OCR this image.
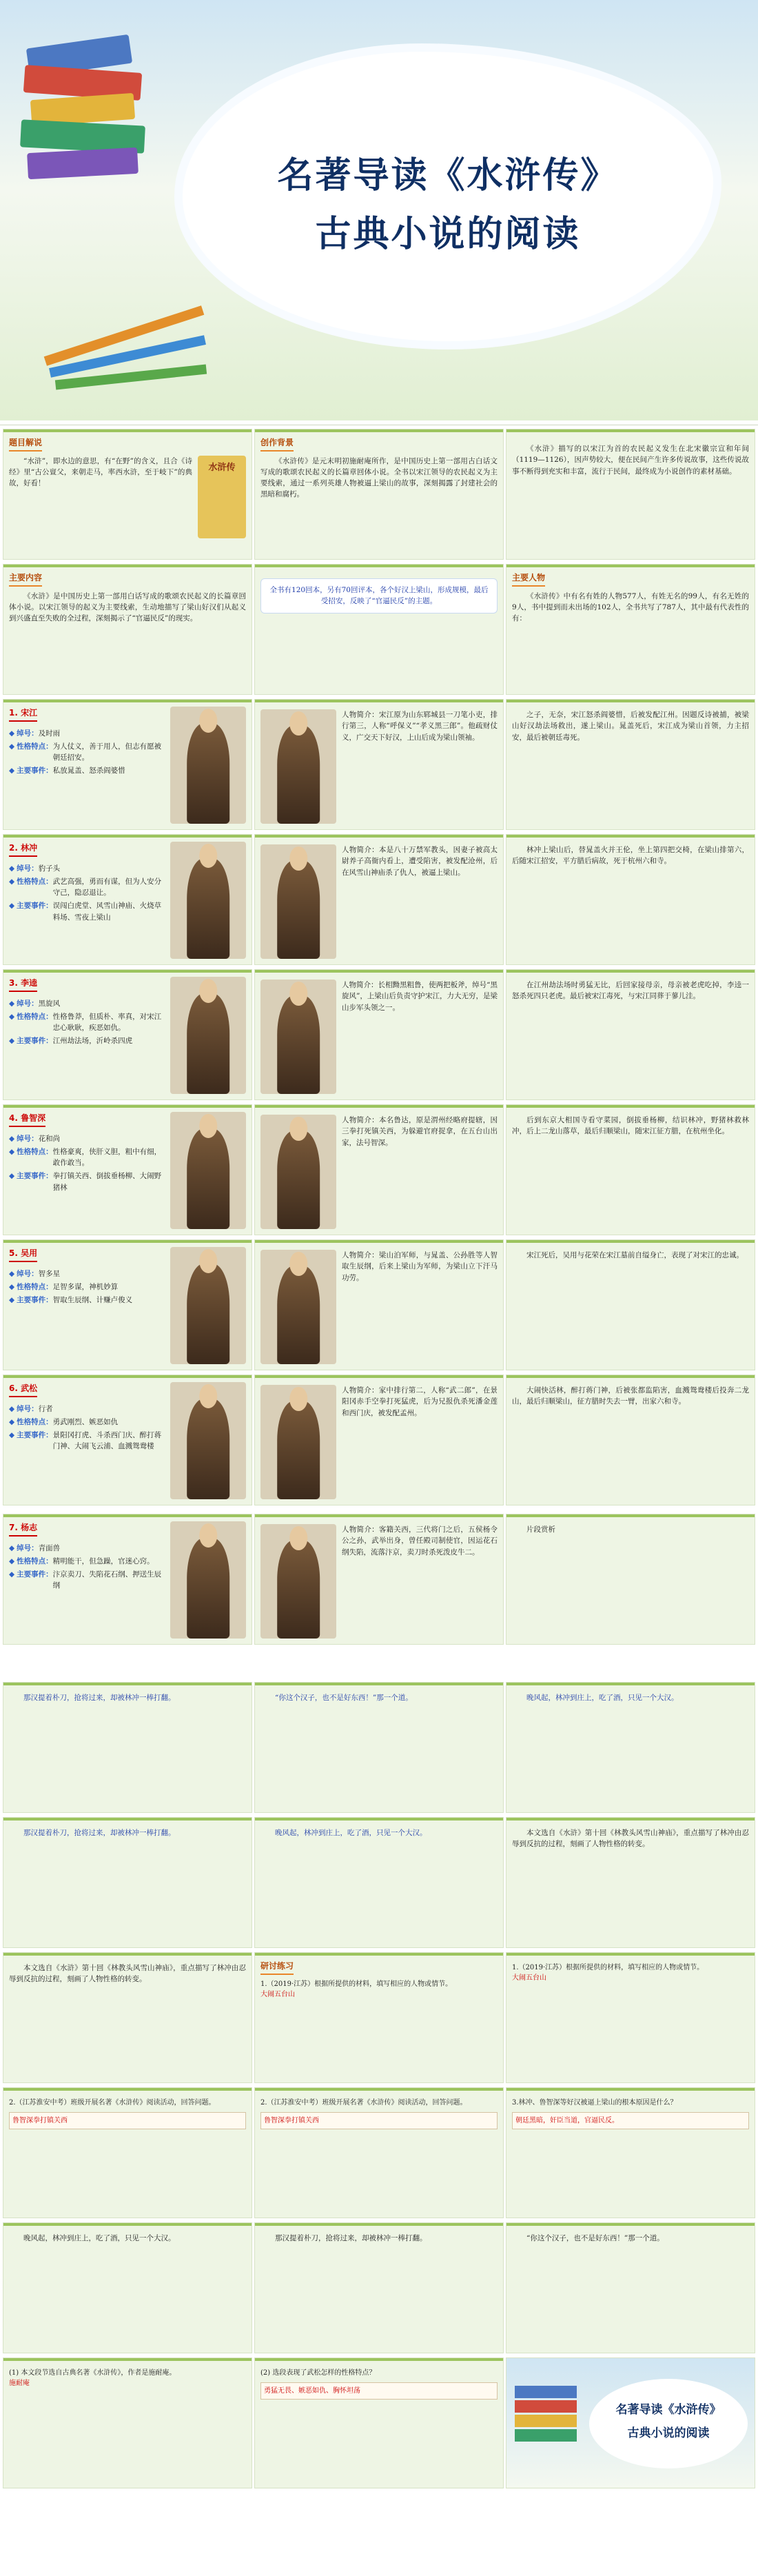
名著导读《水浒传》
古典小说的阅读
题目解说
“水浒”，即水边的意思，有“在野”的含义，且合《诗经》里“古公亶父，来朝走马，率西水浒，至于岐下”的典故，好看！
水浒传
创作背景
《水浒传》是元末明初施耐庵所作，是中国历史上第一部用古白话文写成的歌颂农民起义的长篇章回体小说。全书以宋江领导的农民起义为主要线索，通过一系列英雄人物被逼上梁山的故事，深刻揭露了封建社会的黑暗和腐朽。
《水浒》描写的以宋江为首的农民起义发生在北宋徽宗宣和年间（1119—1126），因声势较大，便在民间产生许多传说故事，这些传说故事不断得到充实和丰富，流行于民间，最终成为小说创作的素材基础。
主要内容
《水浒》是中国历史上第一部用白话写成的歌颂农民起义的长篇章回体小说。以宋江领导的起义为主要线索，生动地描写了梁山好汉们从起义到兴盛直至失败的全过程，深刻揭示了“官逼民反”的现实。
全书有120回本，另有70回评本，各个好汉上梁山，形成规模，最后受招安，反映了“官逼民反”的主题。
主要人物
《水浒传》中有名有姓的人物577人，有姓无名的99人，有名无姓的9人，书中提到而未出场的102人，全书共写了787人，其中最有代表性的有：
1. 宋江
◆ 绰号： 及时雨
◆ 性格特点： 为人仗义，善于用人，但志有愿被朝廷招安。
◆ 主要事件： 私放晁盖、怒杀阎婆惜
人物简介：宋江原为山东郓城县一刀笔小吏，排行第三，人称“呼保义”“孝义黑三郎”。他疏财仗义，广交天下好汉，上山后成为梁山领袖。
之子，无奈，宋江怒杀阎婆惜，后被发配江州。因题反诗被捕，被梁山好汉劫法场救出，遂上梁山。晁盖死后，宋江成为梁山首领，力主招安，最后被朝廷毒死。
2. 林冲
◆ 绰号： 豹子头
◆ 性格特点： 武艺高强，勇而有谋，但为人安分守己，隐忍退让。
◆ 主要事件： 误闯白虎堂、风雪山神庙、火烧草料场、雪夜上梁山
人物简介：本是八十万禁军教头，因妻子被高太尉养子高衙内看上，遭受陷害，被发配沧州，后在风雪山神庙杀了仇人，被逼上梁山。
林冲上梁山后，替晁盖火并王伦，坐上第四把交椅，在梁山排第六，后随宋江招安，平方腊后病故，死于杭州六和寺。
3. 李逵
◆ 绰号： 黑旋风
◆ 性格特点： 性格鲁莽，但质朴、率真，对宋江忠心耿耿，疾恶如仇。
◆ 主要事件： 江州劫法场，沂岭杀四虎
人物简介：长相黝黑粗鲁，使两把板斧，绰号“黑旋风”，上梁山后负责守护宋江，力大无穷，是梁山步军头领之一。
在江州劫法场时勇猛无比，后回家接母亲，母亲被老虎吃掉，李逵一怒杀死四只老虎。最后被宋江毒死，与宋江同葬于蓼儿洼。
4. 鲁智深
◆ 绰号： 花和尚
◆ 性格特点： 性格豪爽，侠肝义胆，粗中有细，敢作敢当。
◆ 主要事件： 拳打镇关西、倒拔垂杨柳、大闹野猪林
人物简介：本名鲁达，原是渭州经略府提辖，因三拳打死镇关西，为躲避官府捉拿，在五台山出家，法号智深。
后到东京大相国寺看守菜园，倒拔垂杨柳，结识林冲，野猪林救林冲，后上二龙山落草，最后归顺梁山，随宋江征方腊，在杭州坐化。
5. 吴用
◆ 绰号： 智多星
◆ 性格特点： 足智多谋，神机妙算
◆ 主要事件： 智取生辰纲、计赚卢俊义
人物简介：梁山泊军师，与晁盖、公孙胜等人智取生辰纲，后来上梁山为军师，为梁山立下汗马功劳。
宋江死后，吴用与花荣在宋江墓前自缢身亡，表现了对宋江的忠诚。
6. 武松
◆ 绰号： 行者
◆ 性格特点： 勇武刚烈、嫉恶如仇
◆ 主要事件： 景阳冈打虎、斗杀西门庆、醉打蒋门神、大闹飞云浦、血溅鸳鸯楼
人物简介：家中排行第二，人称“武二郎”，在景阳冈赤手空拳打死猛虎，后为兄报仇杀死潘金莲和西门庆，被发配孟州。
大闹快活林，醉打蒋门神，后被张都监陷害，血溅鸳鸯楼后投奔二龙山，最后归顺梁山，征方腊时失去一臂，出家六和寺。
7. 杨志
◆ 绰号： 青面兽
◆ 性格特点： 精明能干，但急躁，官迷心窍。
◆ 主要事件： 汴京卖刀、失陷花石纲、押送生辰纲
人物简介：客籍关西，三代将门之后，五侯杨令公之孙，武举出身，曾任殿司制使官，因运花石纲失陷，流落汴京，卖刀时杀死泼皮牛二。
片段赏析
那汉提着朴刀，抢将过来，却被林冲一棒打翻。	“你这个汉子，也不是好东西！”那一个道。	晚风起，林冲到庄上，吃了酒，只见一个大汉。
那汉提着朴刀，抢将过来，却被林冲一棒打翻。	晚风起，林冲到庄上，吃了酒，只见一个大汉。	本文选自《水浒》第十回《林教头风雪山神庙》，重点描写了林冲由忍辱到反抗的过程，刻画了人物性格的转变。
本文选自《水浒》第十回《林教头风雪山神庙》，重点描写了林冲由忍辱到反抗的过程，刻画了人物性格的转变。
研讨练习
1.（2019·江苏）根据所提供的材料，填写相应的人物或情节。
大闹五台山
1.（2019·江苏）根据所提供的材料，填写相应的人物或情节。
大闹五台山
2.（江苏淮安中考）班级开展名著《水浒传》阅读活动，回答问题。
鲁智深拳打镇关西
2.（江苏淮安中考）班级开展名著《水浒传》阅读活动，回答问题。
鲁智深拳打镇关西
3.林冲、鲁智深等好汉被逼上梁山的根本原因是什么？
朝廷黑暗，奸臣当道，官逼民反。
晚风起，林冲到庄上，吃了酒，只见一个大汉。	那汉提着朴刀，抢将过来，却被林冲一棒打翻。	“你这个汉子，也不是好东西！”那一个道。
(1) 本文段节选自古典名著《水浒传》，作者是施耐庵。
施耐庵
(2) 选段表现了武松怎样的性格特点？
勇猛无畏、嫉恶如仇、胸怀坦荡
名著导读《水浒传》
古典小说的阅读
